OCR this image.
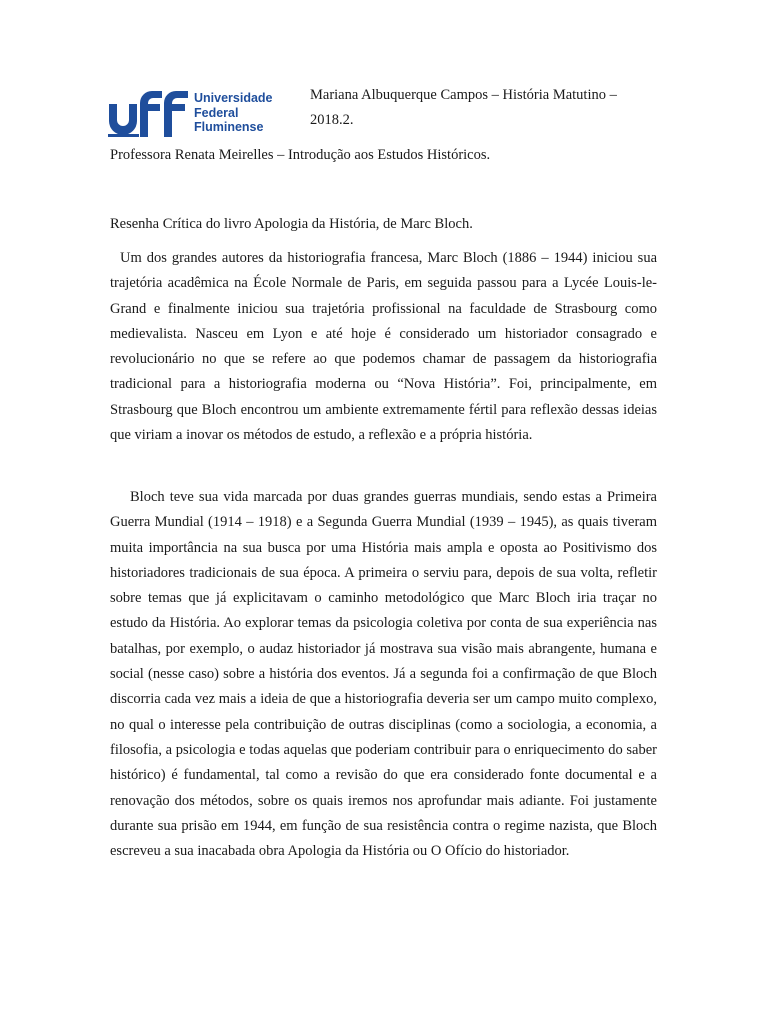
Universidade
Federal
Fluminense
Mariana Albuquerque Campos – História Matutino –
2018.2.
Professora Renata Meirelles – Introdução aos Estudos Históricos.
Resenha Crítica do livro Apologia da História, de Marc Bloch.

Um dos grandes autores da historiografia francesa, Marc Bloch (1886 – 1944) iniciou sua trajetória acadêmica na École Normale de Paris, em seguida passou para a Lycée Louis-le-Grand e finalmente iniciou sua trajetória profissional na faculdade de Strasbourg como medievalista. Nasceu em Lyon e até hoje é considerado um historiador consagrado e revolucionário no que se refere ao que podemos chamar de passagem da historiografia tradicional para a historiografia moderna ou “Nova História”. Foi, principalmente, em Strasbourg que Bloch encontrou um ambiente extremamente fértil para reflexão dessas ideias que viriam a inovar os métodos de estudo, a reflexão e a própria história.

Bloch teve sua vida marcada por duas grandes guerras mundiais, sendo estas a Primeira Guerra Mundial (1914 – 1918) e a Segunda Guerra Mundial (1939 – 1945), as quais tiveram muita importância na sua busca por uma História mais ampla e oposta ao Positivismo dos historiadores tradicionais de sua época. A primeira o serviu para, depois de sua volta, refletir sobre temas que já explicitavam o caminho metodológico que Marc Bloch iria traçar no estudo da História. Ao explorar temas da psicologia coletiva por conta de sua experiência nas batalhas, por exemplo, o audaz historiador já mostrava sua visão mais abrangente, humana e social (nesse caso) sobre a história dos eventos. Já a segunda foi a confirmação de que Bloch discorria cada vez mais a ideia de que a historiografia deveria ser um campo muito complexo, no qual o interesse pela contribuição de outras disciplinas (como a sociologia, a economia, a filosofia, a psicologia e todas aquelas que poderiam contribuir para o enriquecimento do saber histórico) é fundamental, tal como a revisão do que era considerado fonte documental e a renovação dos métodos, sobre os quais iremos nos aprofundar mais adiante. Foi justamente durante sua prisão em 1944, em função de sua resistência contra o regime nazista, que Bloch escreveu a sua inacabada obra Apologia da História ou O Ofício do historiador.
